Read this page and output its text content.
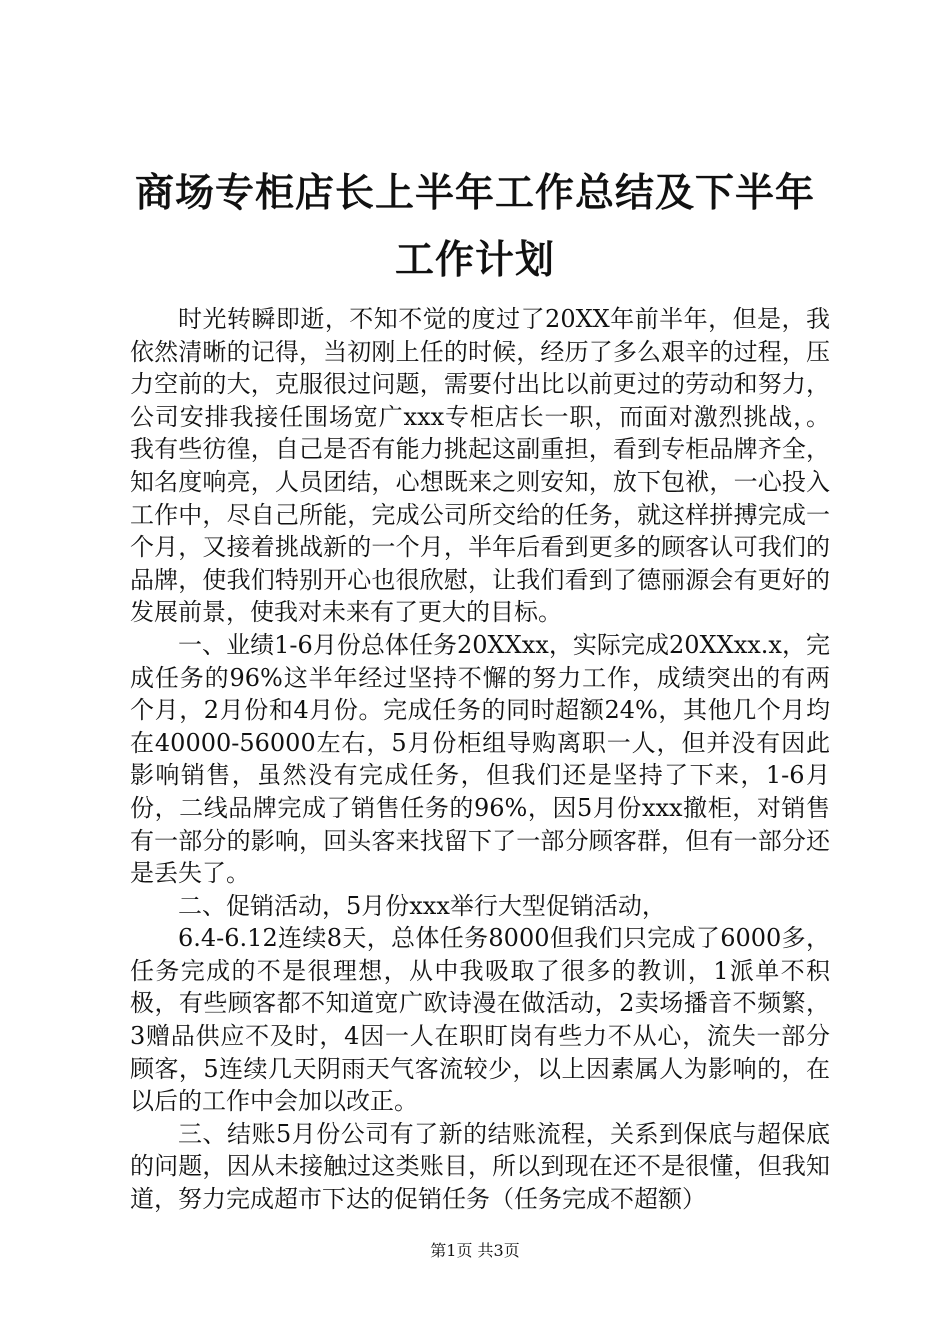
商场专柜店长上半年工作总结及下半年工作计划

时光转瞬即逝，不知不觉的度过了20XX年前半年，但是，我依然清晰的记得，当初刚上任的时候，经历了多么艰辛的过程，压力空前的大，克服很过问题，需要付出比以前更过的劳动和努力，公司安排我接任围场宽广xxx专柜店长一职，而面对激烈挑战，。我有些彷徨，自己是否有能力挑起这副重担，看到专柜品牌齐全，知名度响亮，人员团结，心想既来之则安知，放下包袱，一心投入工作中，尽自己所能，完成公司所交给的任务，就这样拼搏完成一个月，又接着挑战新的一个月，半年后看到更多的顾客认可我们的品牌，使我们特别开心也很欣慰，让我们看到了德丽源会有更好的发展前景，使我对未来有了更大的目标。

一、业绩1-6月份总体任务20XXxx，实际完成20XXxx.x，完成任务的96%这半年经过坚持不懈的努力工作，成绩突出的有两个月，2月份和4月份。完成任务的同时超额24%，其他几个月均在40000-56000左右，5月份柜组导购离职一人，但并没有因此影响销售，虽然没有完成任务，但我们还是坚持了下来，1-6月份，二线品牌完成了销售任务的96%，因5月份xxx撤柜，对销售有一部分的影响，回头客来找留下了一部分顾客群，但有一部分还是丢失了。

二、促销活动，5月份xxx举行大型促销活动，

6.4-6.12连续8天，总体任务8000但我们只完成了6000多，任务完成的不是很理想，从中我吸取了很多的教训，1派单不积极，有些顾客都不知道宽广欧诗漫在做活动，2卖场播音不频繁，3赠品供应不及时，4因一人在职盯岗有些力不从心，流失一部分顾客，5连续几天阴雨天气客流较少，以上因素属人为影响的，在以后的工作中会加以改正。

三、结账5月份公司有了新的结账流程，关系到保底与超保底的问题，因从未接触过这类账目，所以到现在还不是很懂，但我知道，努力完成超市下达的促销任务（任务完成不超额）

第1页 共3页
